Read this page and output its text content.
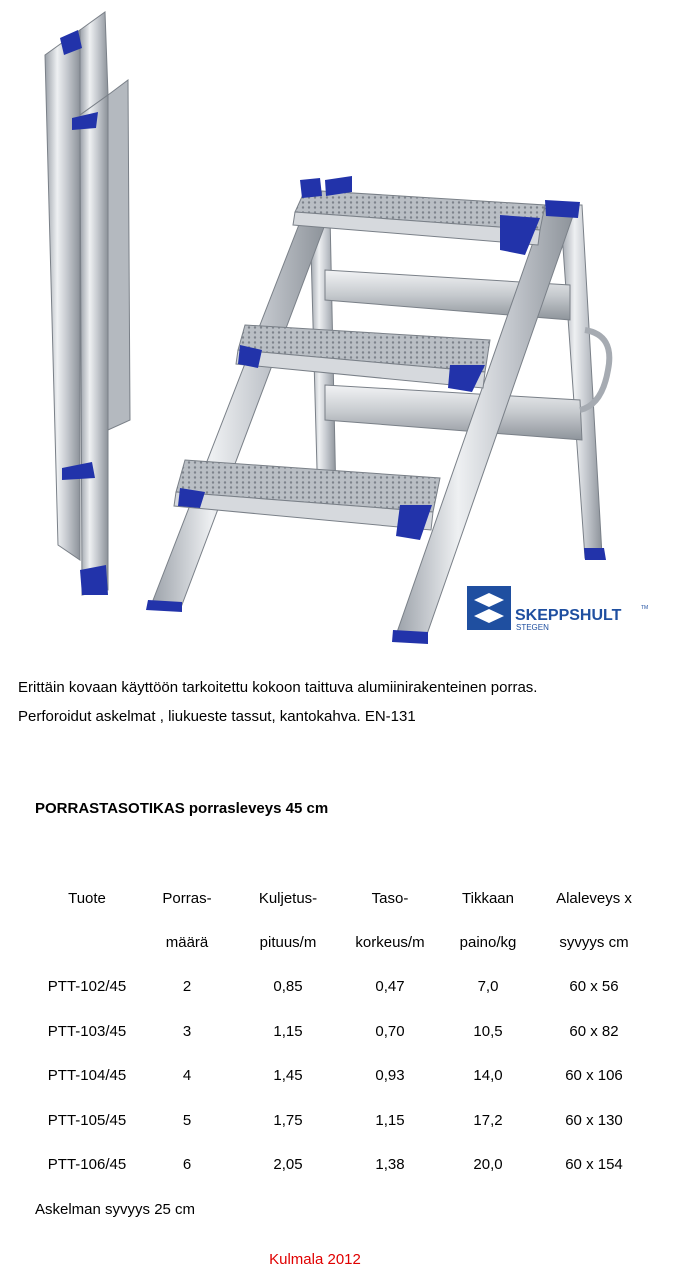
SKEPPSHULT	TM
STEGEN
Erittäin kovaan käyttöön tarkoitettu kokoon taittuva alumiinirakenteinen porras.
Perforoidut askelmat , liukueste tassut, kantokahva. EN-131
PORRASTASOTIKAS porrasleveys 45 cm
Tuote	Porras-	Kuljetus-	Taso-	Tikkaan	Alaleveys x
	määrä	pituus/m	korkeus/m	paino/kg	syvyys cm
PTT-102/45	2	0,85	0,47	7,0	60 x 56
PTT-103/45	3	1,15	0,70	10,5	60 x 82
PTT-104/45	4	1,45	0,93	14,0	60 x 106
PTT-105/45	5	1,75	1,15	17,2	60 x 130
PTT-106/45	6	2,05	1,38	20,0	60 x 154
Askelman syvyys 25 cm
Kulmala 2012
